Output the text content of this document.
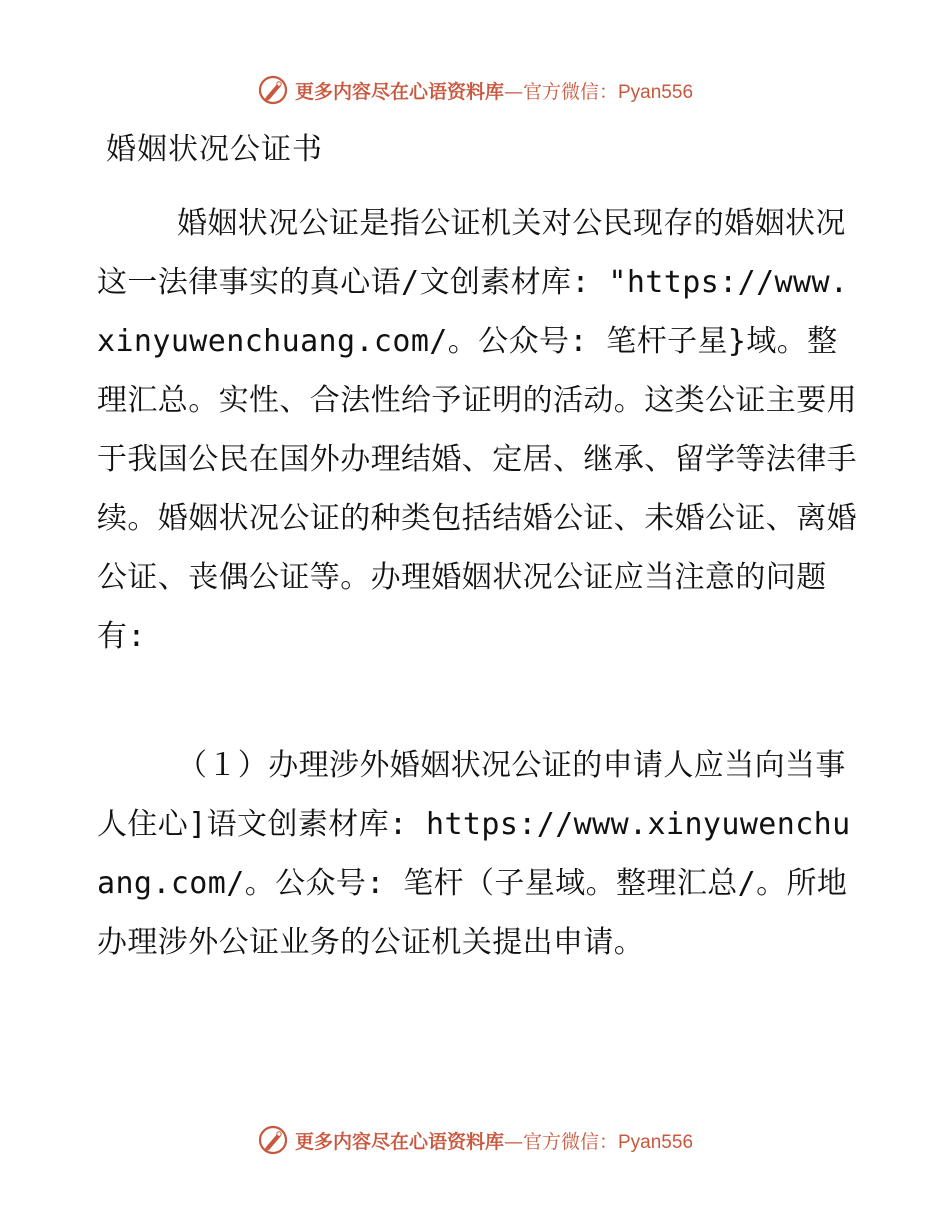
更多内容尽在心语资料库—官方微信：Pyan556
婚姻状况公证书

婚姻状况公证是指公证机关对公民现存的婚姻状况这一法律事实的真心语/文创素材库: "https://www.xinyuwenchuang.com/。公众号: 笔杆子星}域。整理汇总。实性、合法性给予证明的活动。这类公证主要用于我国公民在国外办理结婚、定居、继承、留学等法律手续。婚姻状况公证的种类包括结婚公证、未婚公证、离婚公证、丧偶公证等。办理婚姻状况公证应当注意的问题有:

（１）办理涉外婚姻状况公证的申请人应当向当事人住心]语文创素材库: https://www.xinyuwenchuang.com/。公众号: 笔杆（子星域。整理汇总/。所地办理涉外公证业务的公证机关提出申请。

更多内容尽在心语资料库—官方微信：Pyan556
